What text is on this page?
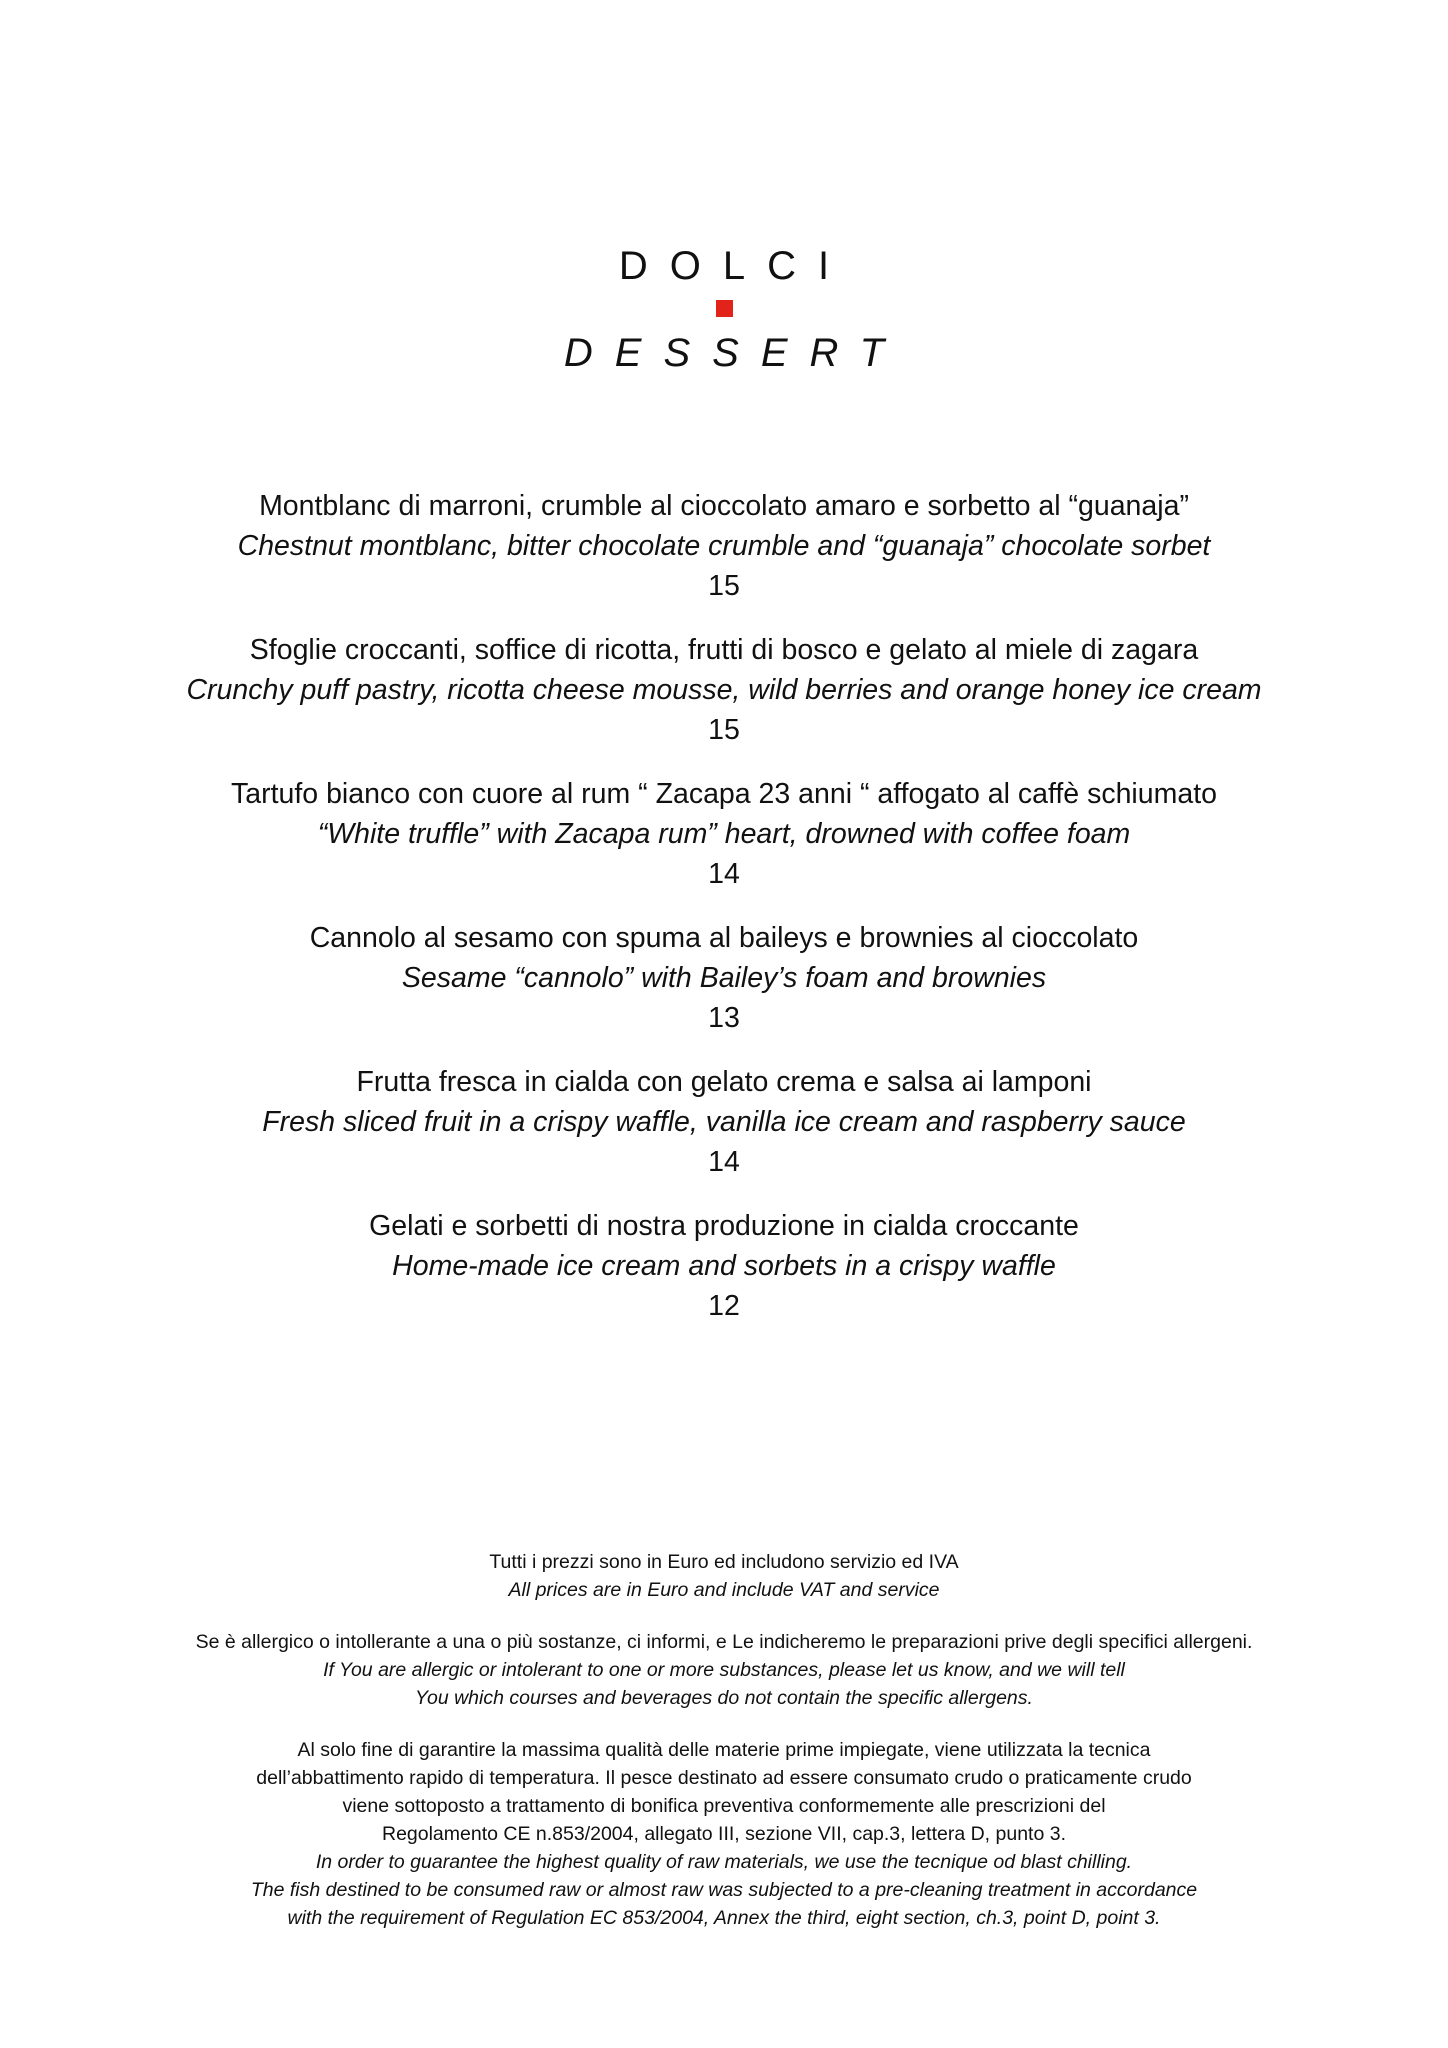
DOLCI
DESSERT
Montblanc di marroni, crumble al cioccolato amaro e sorbetto al “guanaja”
Chestnut montblanc, bitter chocolate crumble and “guanaja” chocolate sorbet
15
Sfoglie croccanti, soffice di ricotta, frutti di bosco e gelato al miele di zagara
Crunchy puff pastry, ricotta cheese mousse, wild berries and orange honey ice cream
15
Tartufo bianco con cuore al rum “ Zacapa 23 anni “ affogato al caffè schiumato
“White truffle” with Zacapa rum” heart, drowned with coffee foam
14
Cannolo al sesamo con spuma al baileys e brownies al cioccolato
Sesame “cannolo” with Bailey’s foam and brownies
13
Frutta fresca in cialda con gelato crema e salsa ai lamponi
Fresh sliced fruit in a crispy waffle, vanilla ice cream and raspberry sauce
14
Gelati e sorbetti di nostra produzione in cialda croccante
Home-made ice cream and sorbets in a crispy waffle
12
Tutti i prezzi sono in Euro ed includono servizio ed IVA
All prices are in Euro and include VAT and service
Se è allergico o intollerante a una o più sostanze, ci informi, e Le indicheremo le preparazioni prive degli specifici allergeni.
If You are allergic or intolerant to one or more substances, please let us know, and we will tell
You which courses and beverages do not contain the specific allergens.
Al solo fine di garantire la massima qualità delle materie prime impiegate, viene utilizzata la tecnica
dell’abbattimento rapido di temperatura. Il pesce destinato ad essere consumato crudo o praticamente crudo
viene sottoposto a trattamento di bonifica preventiva conformemente alle prescrizioni del
Regolamento CE n.853/2004, allegato III, sezione VII, cap.3, lettera D, punto 3.
In order to guarantee the highest quality of raw materials, we use the tecnique od blast chilling.
The fish destined to be consumed raw or almost raw was subjected to a pre-cleaning treatment in accordance
with the requirement of Regulation EC 853/2004, Annex the third, eight section, ch.3, point D, point 3.
